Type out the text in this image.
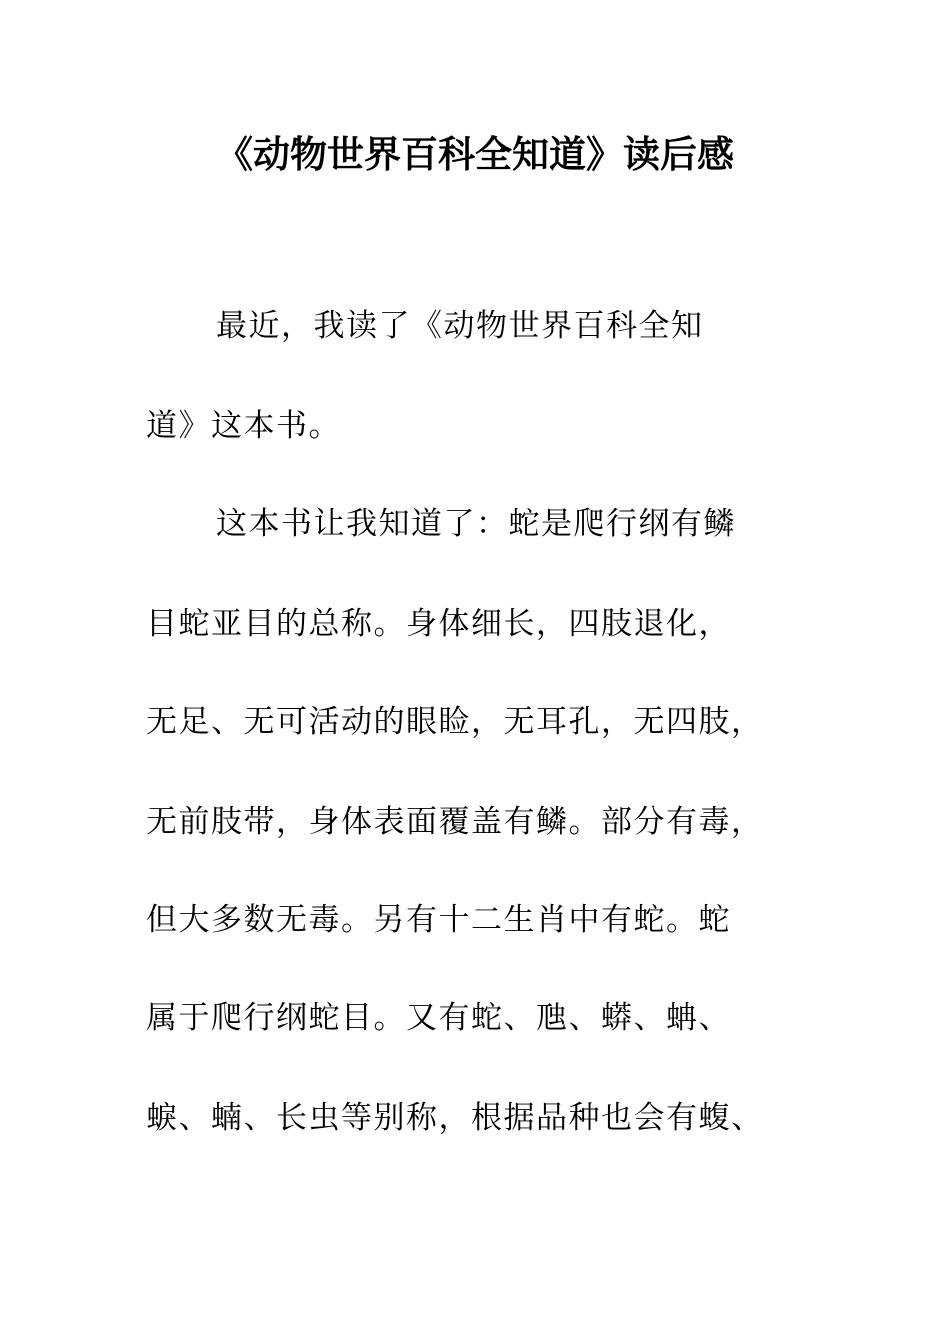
《动物世界百科全知道》读后感
最近，我读了《动物世界百科全知
道》这本书。
这本书让我知道了：蛇是爬行纲有鳞
目蛇亚目的总称。身体细长，四肢退化，
无足、无可活动的眼睑，无耳孔，无四肢，
无前肢带，身体表面覆盖有鳞。部分有毒，
但大多数无毒。另有十二生肖中有蛇。蛇
属于爬行纲蛇目。又有蛇、虺、蟒、蚺、
蜧、蝻、长虫等别称，根据品种也会有蝮、
